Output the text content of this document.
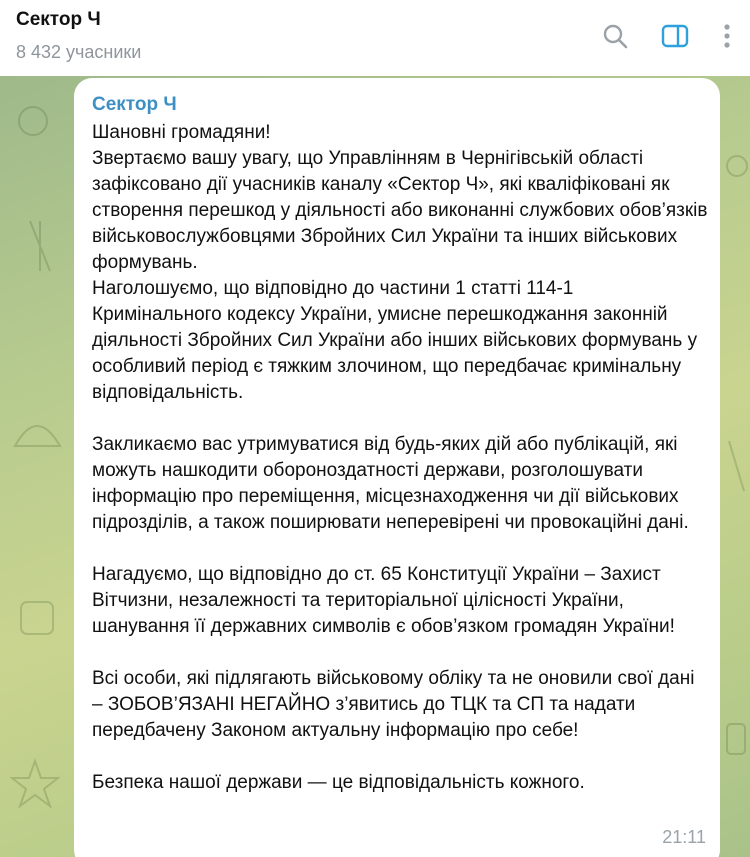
Сектор Ч
8 432 учасники
Сектор Ч

Шановні громадяни!

Звертаємо вашу увагу, що Управлінням в Чернігівській області зафіксовано дії учасників каналу «Сектор Ч», які кваліфіковані як створення перешкод у діяльності або виконанні службових обов’язків військовослужбовцями Збройних Сил України та інших військових формувань.

Наголошуємо, що відповідно до частини 1 статті 114-1 Кримінального кодексу України, умисне перешкоджання законній діяльності Збройних Сил України або інших військових формувань у особливий період є тяжким злочином, що передбачає кримінальну відповідальність.

Закликаємо вас утримуватися від будь-яких дій або публікацій, які можуть нашкодити обороноздатності держави, розголошувати інформацію про переміщення, місцезнаходження чи дії військових підрозділів, а також поширювати неперевірені чи провокаційні дані.

Нагадуємо, що відповідно до ст. 65 Конституції України – Захист Вітчизни, незалежності та територіальної цілісності України, шанування її державних символів є обов’язком громадян України!

Всі особи, які підлягають військовому обліку та не оновили свої дані – ЗОБОВ’ЯЗАНІ НЕГАЙНО з’явитись до ТЦК та СП та надати передбачену Законом актуальну інформацію про себе!

Безпека нашої держави — це відповідальність кожного.

21:11
